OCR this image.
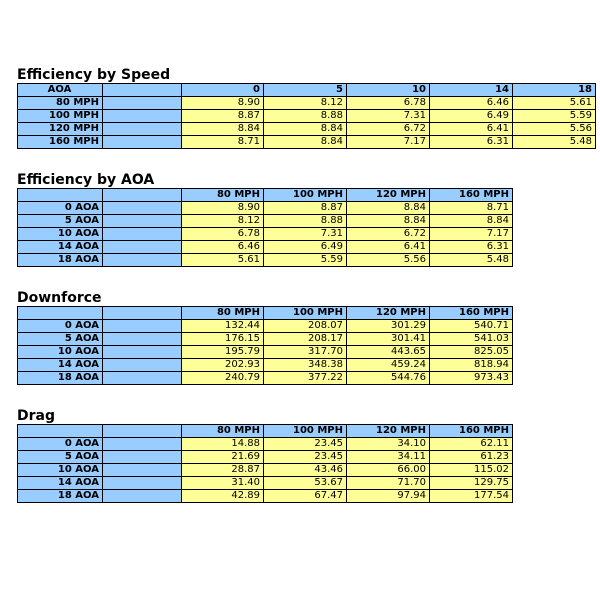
Efficiency by Speed
AOA		0	5	10	14	18
80 MPH		8.90	8.12	6.78	6.46	5.61
100 MPH		8.87	8.88	7.31	6.49	5.59
120 MPH		8.84	8.84	6.72	6.41	5.56
160 MPH		8.71	8.84	7.17	6.31	5.48
Efficiency by AOA
		80 MPH	100 MPH	120 MPH	160 MPH
0 AOA		8.90	8.87	8.84	8.71
5 AOA		8.12	8.88	8.84	8.84
10 AOA		6.78	7.31	6.72	7.17
14 AOA		6.46	6.49	6.41	6.31
18 AOA		5.61	5.59	5.56	5.48
Downforce
		80 MPH	100 MPH	120 MPH	160 MPH
0 AOA		132.44	208.07	301.29	540.71
5 AOA		176.15	208.17	301.41	541.03
10 AOA		195.79	317.70	443.65	825.05
14 AOA		202.93	348.38	459.24	818.94
18 AOA		240.79	377.22	544.76	973.43
Drag
		80 MPH	100 MPH	120 MPH	160 MPH
0 AOA		14.88	23.45	34.10	62.11
5 AOA		21.69	23.45	34.11	61.23
10 AOA		28.87	43.46	66.00	115.02
14 AOA		31.40	53.67	71.70	129.75
18 AOA		42.89	67.47	97.94	177.54
